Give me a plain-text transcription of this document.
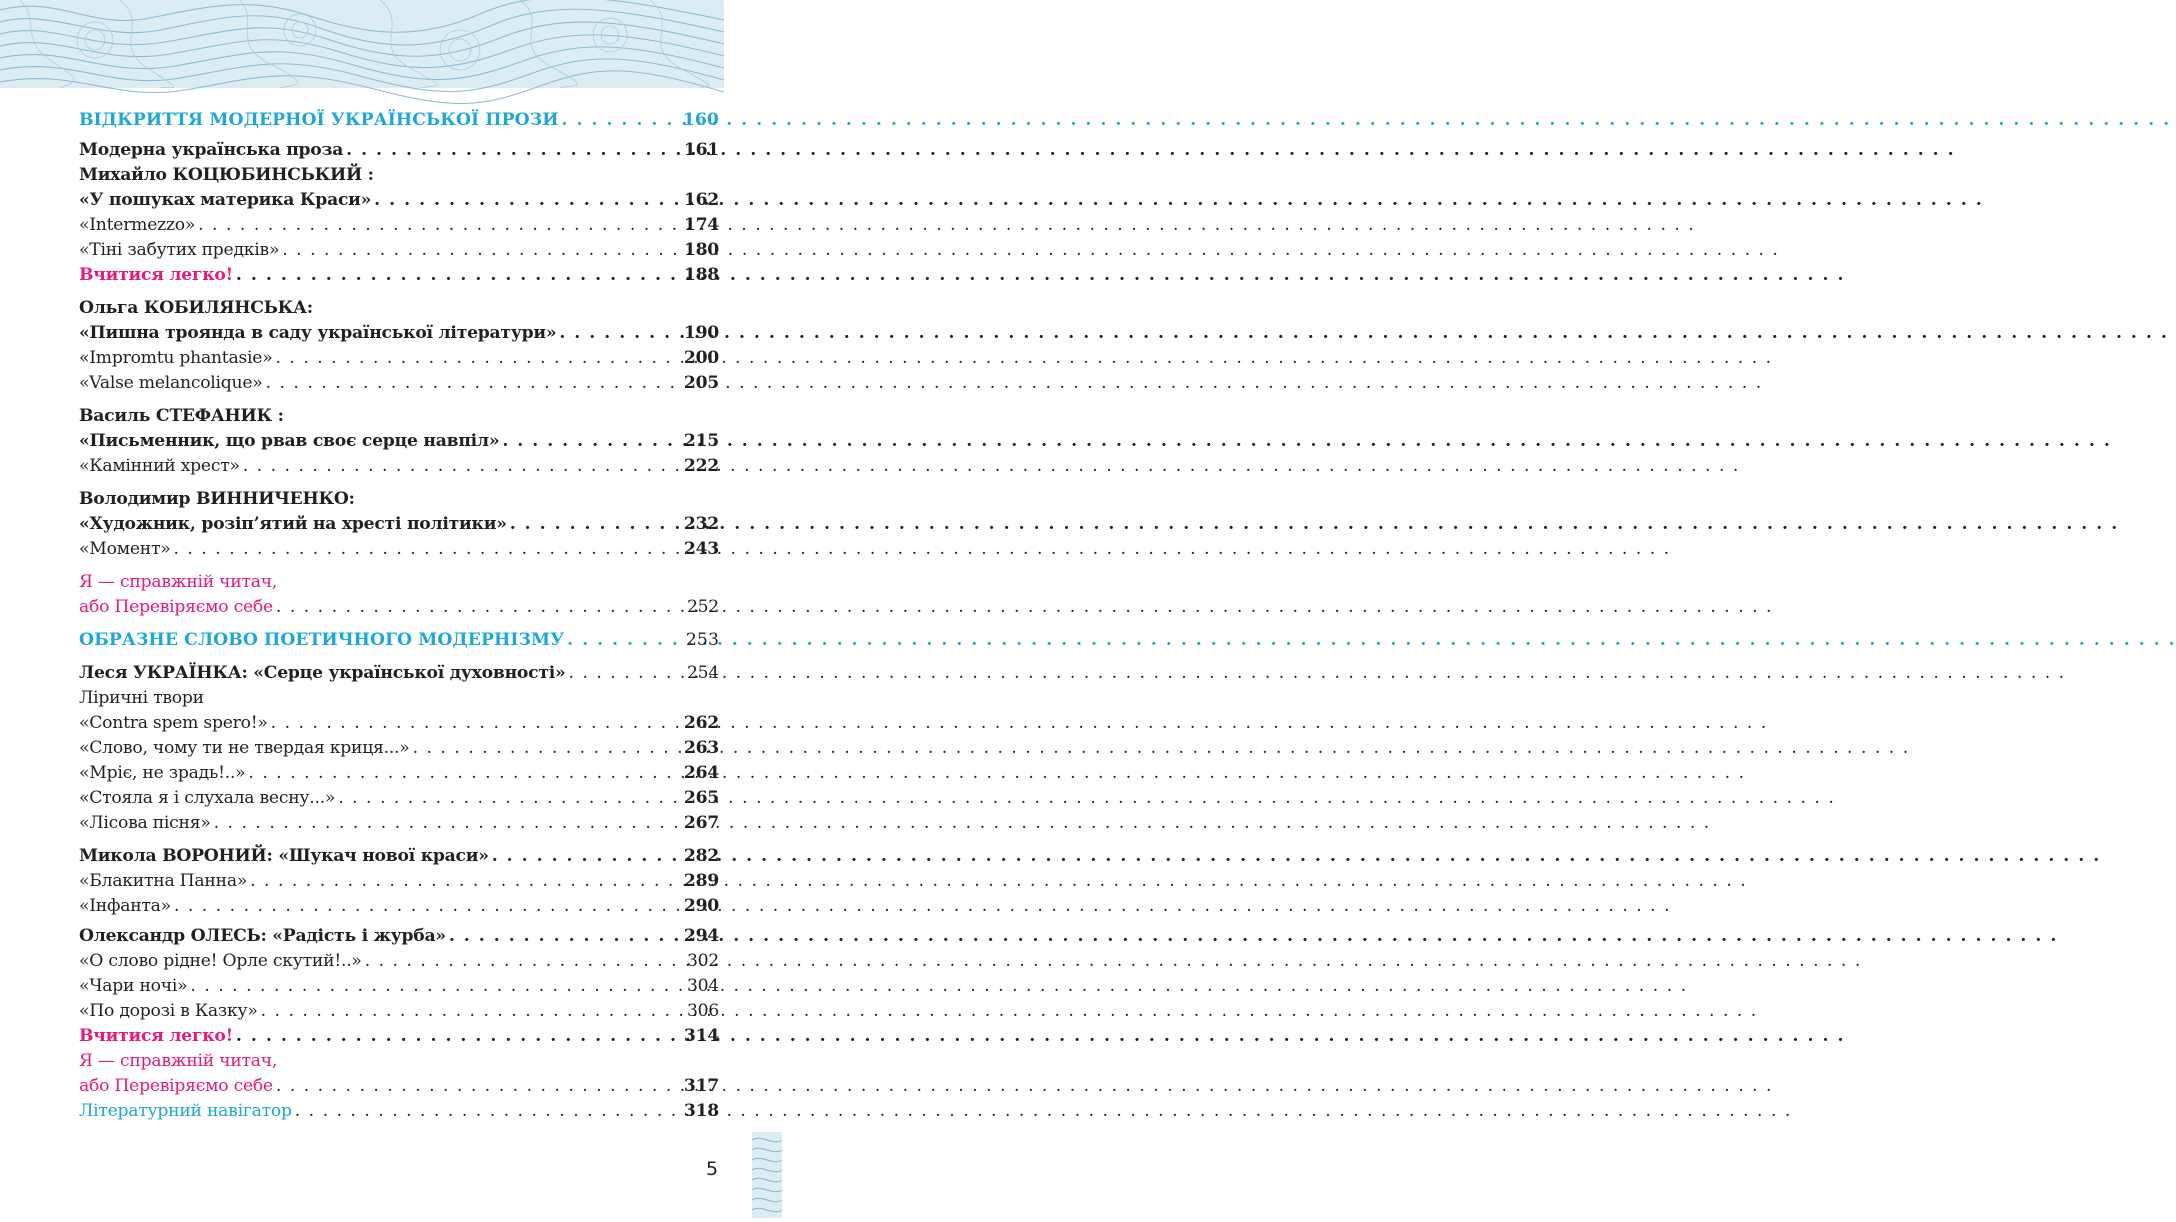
ВІДКРИТТЯ МОДЕРНОЇ УКРАЇНСЬКОЇ ПРОЗИ . . .	160
Модерна українська проза . . .	161
Михайло КОЦЮБИНСЬКИЙ :
«У пошуках материка Краси» . . .	162
«Intermezzo» . . .	174
«Тіні забутих предків» . . .	180
Вчитися легко! . . .	188
Ольга КОБИЛЯНСЬКА:
«Пишна троянда в саду української літератури» . . .	190
«Impromtu phantasie» . . .	200
«Valse melancolique» . . .	205
Василь СТЕФАНИК :
«Письменник, що рвав своє серце навпіл» . . .	215
«Камінний хрест» . . .	222
Володимир ВИННИЧЕНКО:
«Художник, розіп’ятий на хресті політики» . . .	232
«Момент» . . .	243
Я — справжній читач,
або Перевіряємо себе . . .	252
ОБРАЗНЕ СЛОВО ПОЕТИЧНОГО МОДЕРНІЗМУ . . .	253
Леся УКРАЇНКА: «Серце української духовності» . . .	254
Ліричні твори
«Contra spem spero!» . . .	262
«Слово, чому ти не твердая криця...» . . .	263
«Мріє, не зрадь!..» . . .	264
«Стояла я і слухала весну...» . . .	265
«Лісова пісня» . . .	267
Микола ВОРОНИЙ: «Шукач нової краси» . . .	282
«Блакитна Панна» . . .	289
«Інфанта» . . .	290
Олександр ОЛЕСЬ: «Радість і журба» . . .	294
«О слово рідне! Орле скутий!..» . . .	302
«Чари ночі» . . .	304
«По дорозі в Казку» . . .	306
Вчитися легко! . . .	314
Я — справжній читач,
або Перевіряємо себе . . .	317
Літературний навігатор . . .	318
5
